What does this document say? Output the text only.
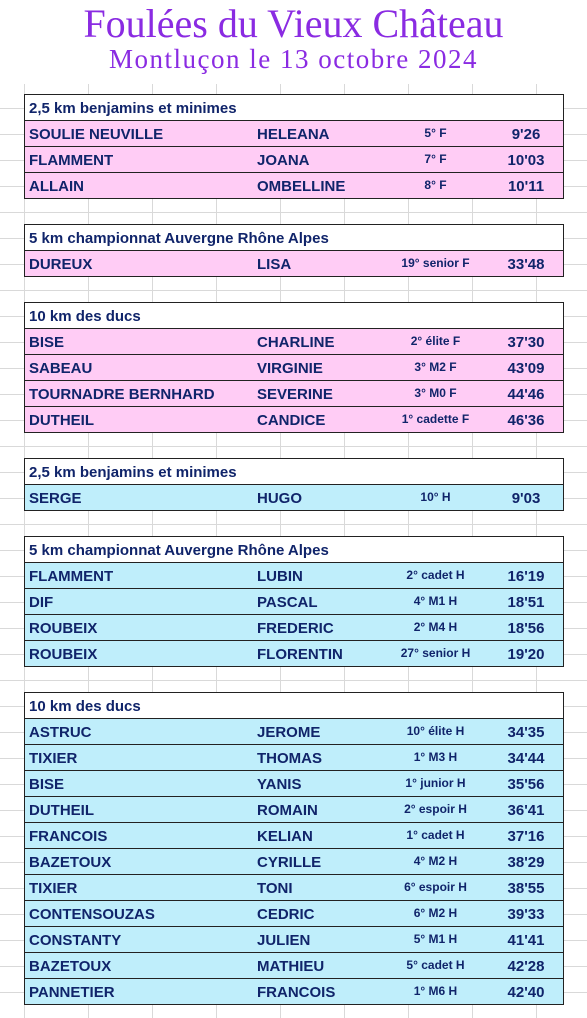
Foulées du Vieux Château
Montluçon le 13 octobre 2024
2,5 km benjamins et minimes
SOULIE NEUVILLE	HELEANA	5° F	9'26
FLAMMENT	JOANA	7° F	10'03
ALLAIN	OMBELLINE	8° F	10'11
5 km championnat Auvergne Rhône Alpes
DUREUX	LISA	19° senior F	33'48
10 km des ducs
BISE	CHARLINE	2° élite F	37'30
SABEAU	VIRGINIE	3° M2 F	43'09
TOURNADRE BERNHARD	SEVERINE	3° M0 F	44'46
DUTHEIL	CANDICE	1° cadette F	46'36
2,5 km benjamins et minimes
SERGE	HUGO	10° H	9'03
5 km championnat Auvergne Rhône Alpes
FLAMMENT	LUBIN	2° cadet H	16'19
DIF	PASCAL	4° M1 H	18'51
ROUBEIX	FREDERIC	2° M4 H	18'56
ROUBEIX	FLORENTIN	27° senior H	19'20
10 km des ducs
ASTRUC	JEROME	10° élite H	34'35
TIXIER	THOMAS	1° M3 H	34'44
BISE	YANIS	1° junior H	35'56
DUTHEIL	ROMAIN	2° espoir H	36'41
FRANCOIS	KELIAN	1° cadet H	37'16
BAZETOUX	CYRILLE	4° M2 H	38'29
TIXIER	TONI	6° espoir H	38'55
CONTENSOUZAS	CEDRIC	6° M2 H	39'33
CONSTANTY	JULIEN	5° M1 H	41'41
BAZETOUX	MATHIEU	5° cadet H	42'28
PANNETIER	FRANCOIS	1° M6 H	42'40
